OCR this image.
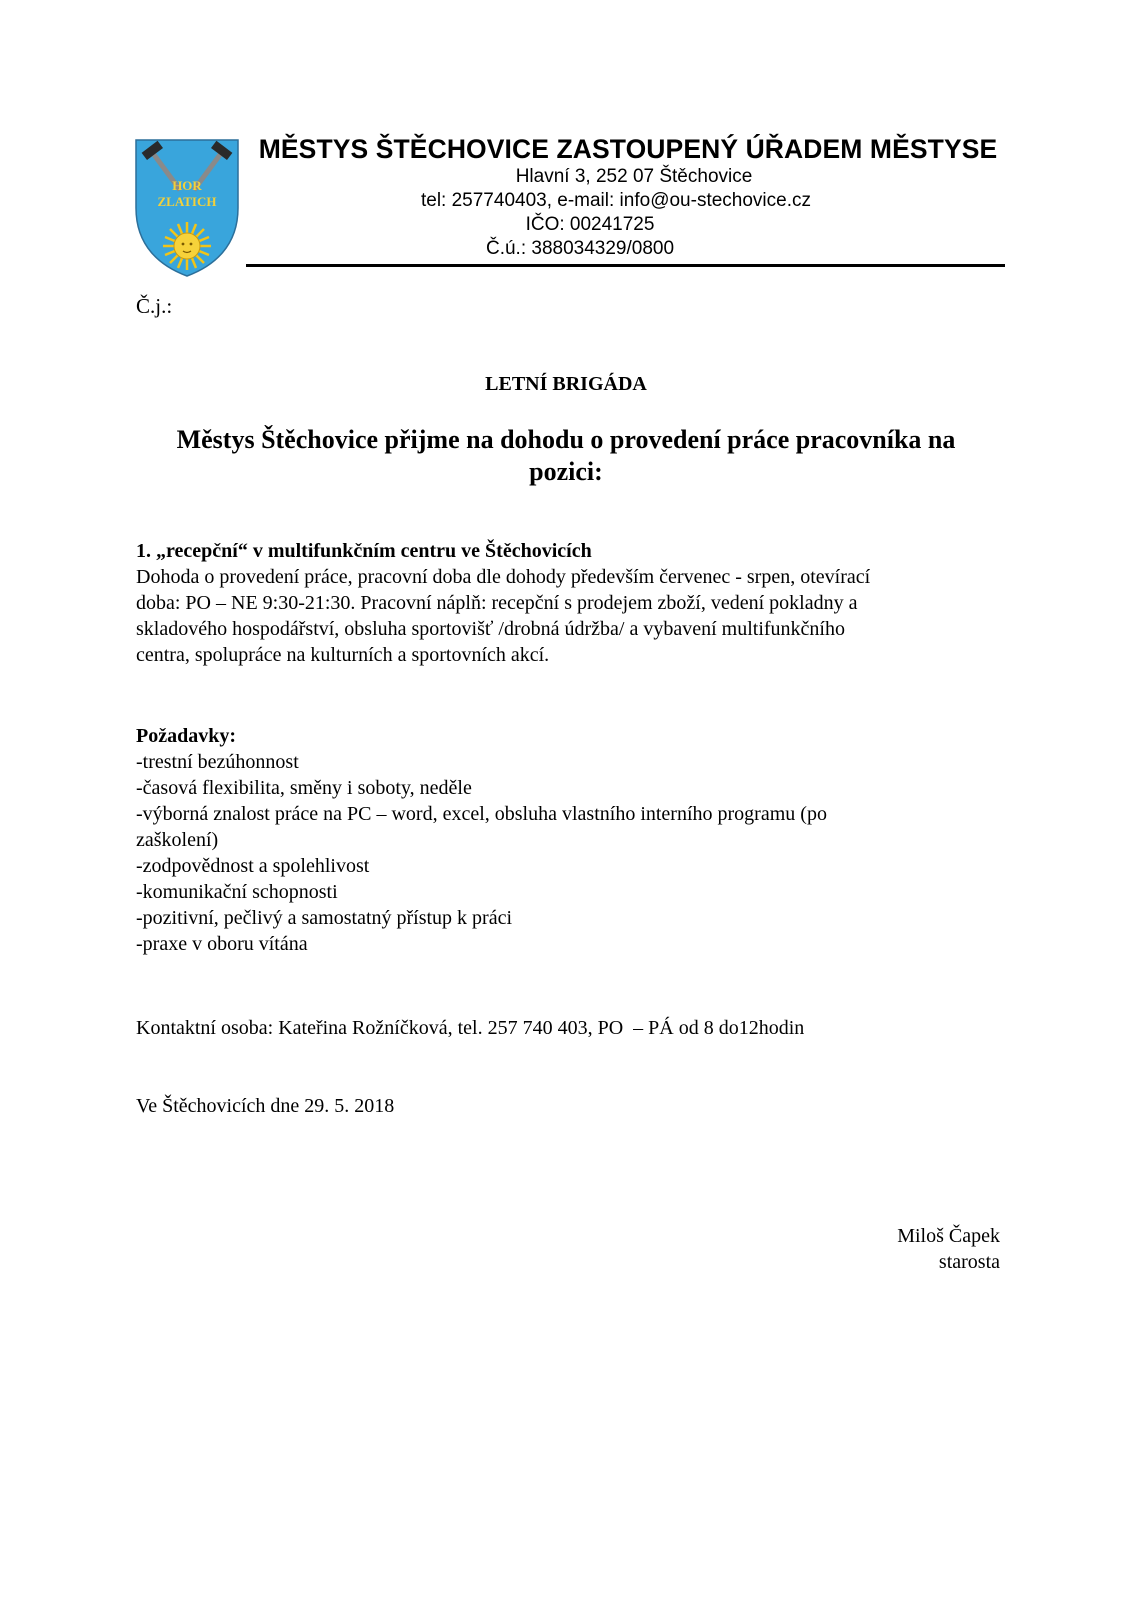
HOR
ZLATICH
MĚSTYS ŠTĚCHOVICE ZASTOUPENÝ ÚŘADEM MĚSTYSE
Hlavní 3, 252 07 Štěchovice
tel: 257740403, e-mail: info@ou-stechovice.cz
IČO: 00241725
Č.ú.: 388034329/0800
Č.j.:
LETNÍ BRIGÁDA
Městys Štěchovice přijme na dohodu o provedení práce pracovníka na pozici:
1. „recepční“ v multifunkčním centru ve Štěchovicích
Dohoda o provedení práce, pracovní doba dle dohody především červenec - srpen, otevírací
doba: PO – NE 9:30-21:30. Pracovní náplň: recepční s prodejem zboží, vedení pokladny a
skladového hospodářství, obsluha sportovišť /drobná údržba/ a vybavení multifunkčního
centra, spolupráce na kulturních a sportovních akcí.
Požadavky:
-trestní bezúhonnost
-časová flexibilita, směny i soboty, neděle
-výborná znalost práce na PC – word, excel, obsluha vlastního interního programu (po
zaškolení)
-zodpovědnost a spolehlivost
-komunikační schopnosti
-pozitivní, pečlivý a samostatný přístup k práci
-praxe v oboru vítána
Kontaktní osoba: Kateřina Rožníčková, tel. 257 740 403, PO  – PÁ od 8 do12hodin
Ve Štěchovicích dne 29. 5. 2018
Miloš Čapek
starosta
